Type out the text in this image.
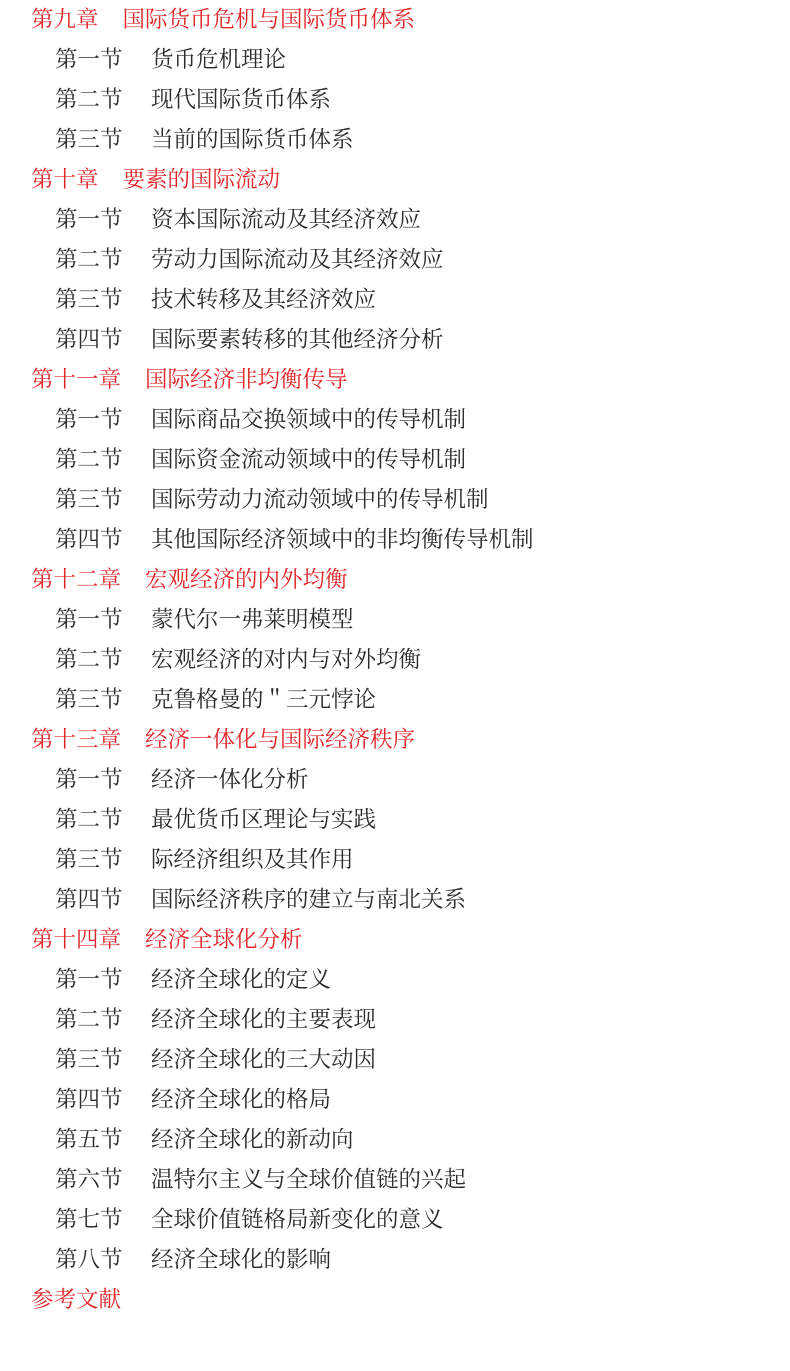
第九章 国际货币危机与国际货币体系
第一节 货币危机理论
第二节 现代国际货币体系
第三节 当前的国际货币体系
第十章 要素的国际流动
第一节 资本国际流动及其经济效应
第二节 劳动力国际流动及其经济效应
第三节 技术转移及其经济效应
第四节 国际要素转移的其他经济分析
第十一章 国际经济非均衡传导
第一节 国际商品交换领域中的传导机制
第二节 国际资金流动领域中的传导机制
第三节 国际劳动力流动领域中的传导机制
第四节 其他国际经济领域中的非均衡传导机制
第十二章 宏观经济的内外均衡
第一节 蒙代尔一弗莱明模型
第二节 宏观经济的对内与对外均衡
第三节 克鲁格曼的＂三元悖论
第十三章 经济一体化与国际经济秩序
第一节 经济一体化分析
第二节 最优货币区理论与实践
第三节 际经济组织及其作用
第四节 国际经济秩序的建立与南北关系
第十四章 经济全球化分析
第一节 经济全球化的定义
第二节 经济全球化的主要表现
第三节 经济全球化的三大动因
第四节 经济全球化的格局
第五节 经济全球化的新动向
第六节 温特尔主义与全球价值链的兴起
第七节 全球价值链格局新变化的意义
第八节 经济全球化的影响
参考文献
